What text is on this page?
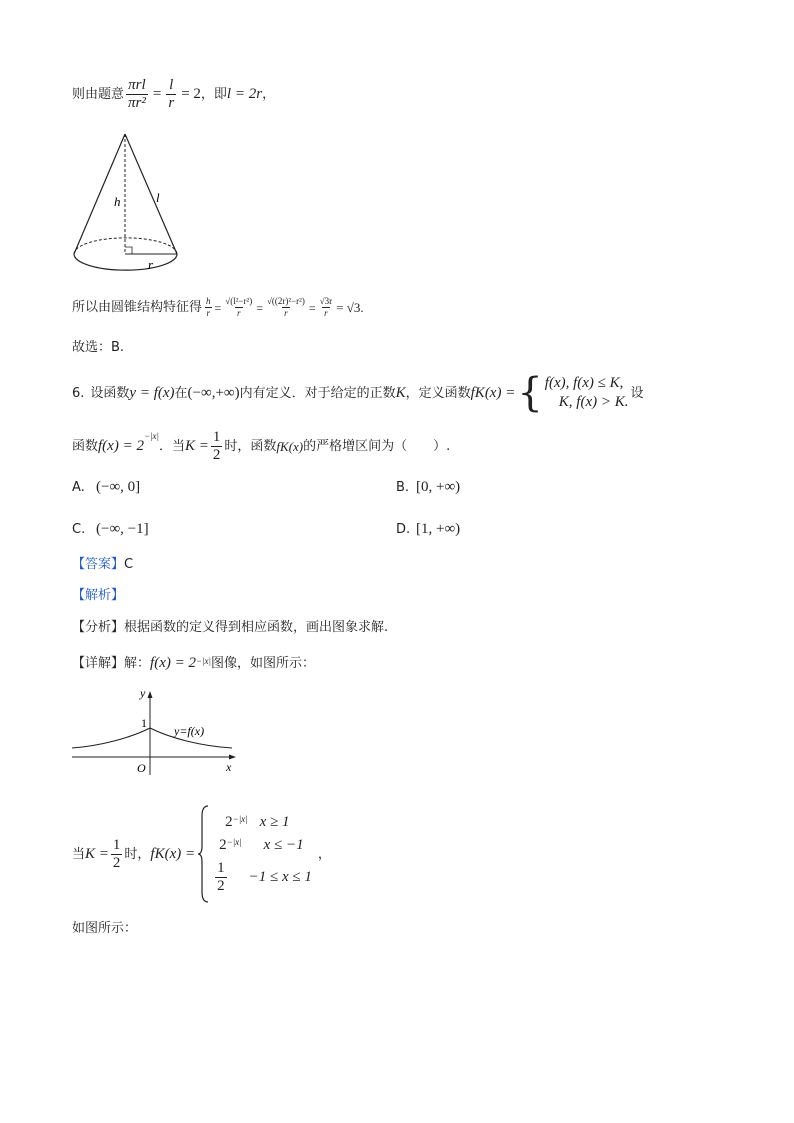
则由题意 $\frac{\text{πrl}}{\text{πr²}} = \frac{l}{r} = 2$ ，即 l = 2r ，
h	l
r
所以由圆锥结构特征得 $\frac{h}{r} = \frac{\text{√(l²−r²)}}{r} = \frac{\text{√((2r)²−r²)}}{r} = \frac{√3r}{r} = √3$.
故选：B.
6. 设函数 y = f(x) 在 (−∞,+∞) 内有定义．对于给定的正数 K ，定义函数 fK(x) = { f(x), f(x) ≤ K,
K, f(x) > K.
设
函数 f(x) = 2
$^{-|x|}$
．当 $K = \frac{1}{2}$ 时，函数 fK(x) 的严格增区间为（　　）.
A. (−∞, 0]	B. [0, +∞)
C. (−∞, −1]	D. [1, +∞)
【答案】C
【解析】
【分析】根据函数的定义得到相应函数，画出图象求解.
【详解】 解： f(x) = 2 −|x| 图像，如图所示：
y
x
O
1
y=f(x)
当 $K = \frac{1}{2}$ 时， fK(x) =
$2^{-|x|}$ x ≥ 1
$2^{-|x|}$ x ≤ −1
$\frac{1}{2} -1 \le x \le 1$
，
如图所示：
